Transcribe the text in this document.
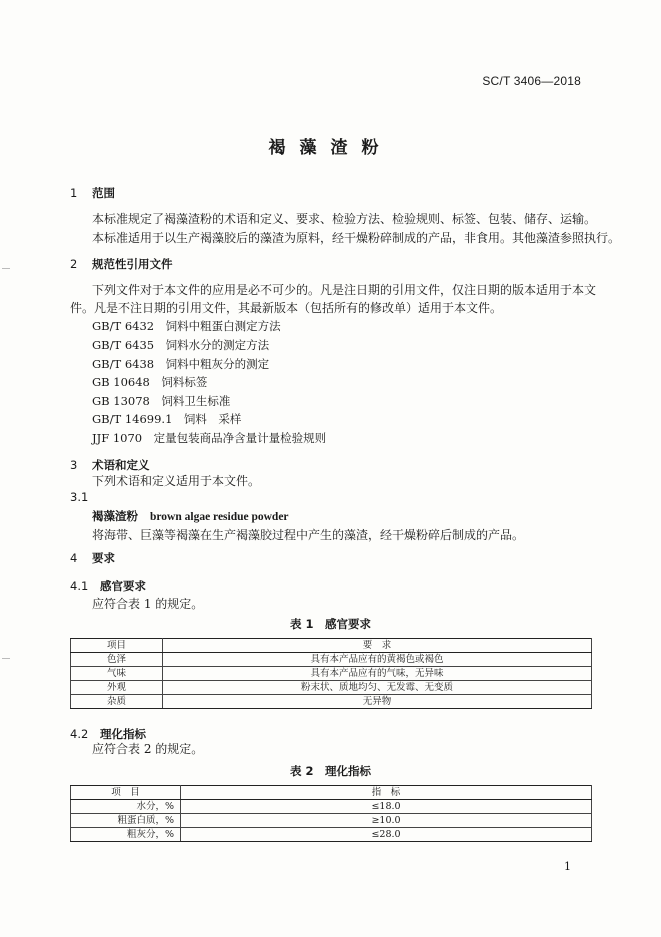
SC/T 3406—2018
褐藻渣粉
1 范围
本标准规定了褐藻渣粉的术语和定义、要求、检验方法、检验规则、标签、包装、储存、运输。
本标准适用于以生产褐藻胶后的藻渣为原料，经干燥粉碎制成的产品，非食用。其他藻渣参照执行。
2 规范性引用文件
下列文件对于本文件的应用是必不可少的。凡是注日期的引用文件，仅注日期的版本适用于本文
件。凡是不注日期的引用文件，其最新版本（包括所有的修改单）适用于本文件。
GB/T 6432　饲料中粗蛋白测定方法
GB/T 6435　饲料水分的测定方法
GB/T 6438　饲料中粗灰分的测定
GB 10648　饲料标签
GB 13078　饲料卫生标准
GB/T 14699.1　饲料　采样
JJF 1070　定量包装商品净含量计量检验规则
3 术语和定义
下列术语和定义适用于本文件。
3.1
褐藻渣粉 brown algae residue powder
将海带、巨藻等褐藻在生产褐藻胶过程中产生的藻渣，经干燥粉碎后制成的产品。
4 要求
4.1 感官要求
应符合表 1 的规定。
表 1　感官要求
项目	要　求
色泽	具有本产品应有的黄褐色或褐色
气味	具有本产品应有的气味，无异味
外观	粉末状、质地均匀、无发霉、无变质
杂质	无异物
4.2 理化指标
应符合表 2 的规定。
表 2　理化指标
项　目	指　标
水分，%	≤18.0
粗蛋白质，%	≥10.0
粗灰分，%	≤28.0
1
